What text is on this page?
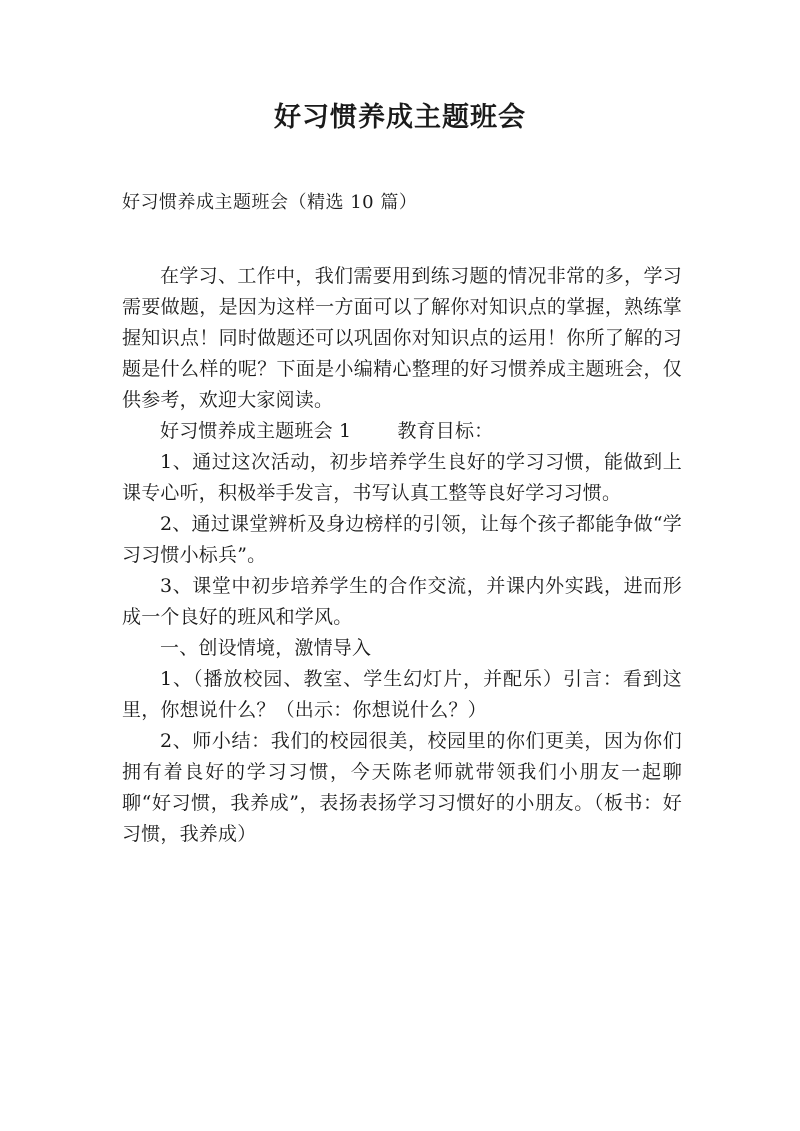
好习惯养成主题班会

好习惯养成主题班会（精选 10 篇）

在学习、工作中，我们需要用到练习题的情况非常的多，学习需要做题，是因为这样一方面可以了解你对知识点的掌握，熟练掌握知识点！同时做题还可以巩固你对知识点的运用！你所了解的习题是什么样的呢？下面是小编精心整理的好习惯养成主题班会，仅供参考，欢迎大家阅读。

好习惯养成主题班会 1 教育目标：

1、通过这次活动，初步培养学生良好的学习习惯，能做到上课专心听，积极举手发言，书写认真工整等良好学习习惯。

2、通过课堂辨析及身边榜样的引领，让每个孩子都能争做“学习习惯小标兵”。

3、课堂中初步培养学生的合作交流，并课内外实践，进而形成一个良好的班风和学风。

一、创设情境，激情导入

1、（播放校园、教室、学生幻灯片，并配乐）引言：看到这里，你想说什么？（出示：你想说什么？）

2、师小结：我们的校园很美，校园里的你们更美，因为你们拥有着良好的学习习惯，今天陈老师就带领我们小朋友一起聊聊“好习惯，我养成”，表扬表扬学习习惯好的小朋友。（板书：好习惯，我养成）
